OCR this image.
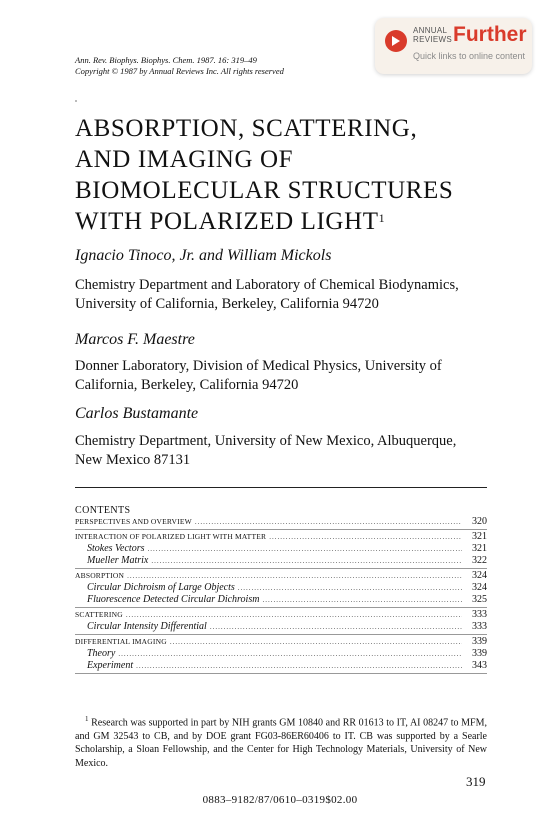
ANNUAL
REVIEWS Further
Quick links to online content
Ann. Rev. Biophys. Biophys. Chem. 1987. 16: 319–49
Copyright © 1987 by Annual Reviews Inc. All rights reserved
ABSORPTION, SCATTERING,
AND IMAGING OF
BIOMOLECULAR STRUCTURES
WITH POLARIZED LIGHT$^1$

Ignacio Tinoco, Jr. and William Mickols

Chemistry Department and Laboratory of Chemical Biodynamics,
University of California, Berkeley, California 94720

Marcos F. Maestre

Donner Laboratory, Division of Medical Physics, University of
California, Berkeley, California 94720

Carlos Bustamante

Chemistry Department, University of New Mexico, Albuquerque,
New Mexico 87131

CONTENTS
PERSPECTIVES AND OVERVIEW .....	320
INTERACTION OF POLARIZED LIGHT WITH MATTER .....	321
Stokes Vectors .....	321
Mueller Matrix .....	322
ABSORPTION .....	324
Circular Dichroism of Large Objects .....	324
Fluorescence Detected Circular Dichroism .....	325
SCATTERING .....	333
Circular Intensity Differential .....	333
DIFFERENTIAL IMAGING .....	339
Theory .....	339
Experiment .....	343

$^1$ Research was supported in part by NIH grants GM 10840 and RR 01613 to IT, AI 08247 to MFM, and GM 32543 to CB, and by DOE grant FG03-86ER60406 to IT. CB was supported by a Searle Scholarship, a Sloan Fellowship, and the Center for High Technology Materials, University of New Mexico.

319
0883–9182/87/0610–0319$02.00
